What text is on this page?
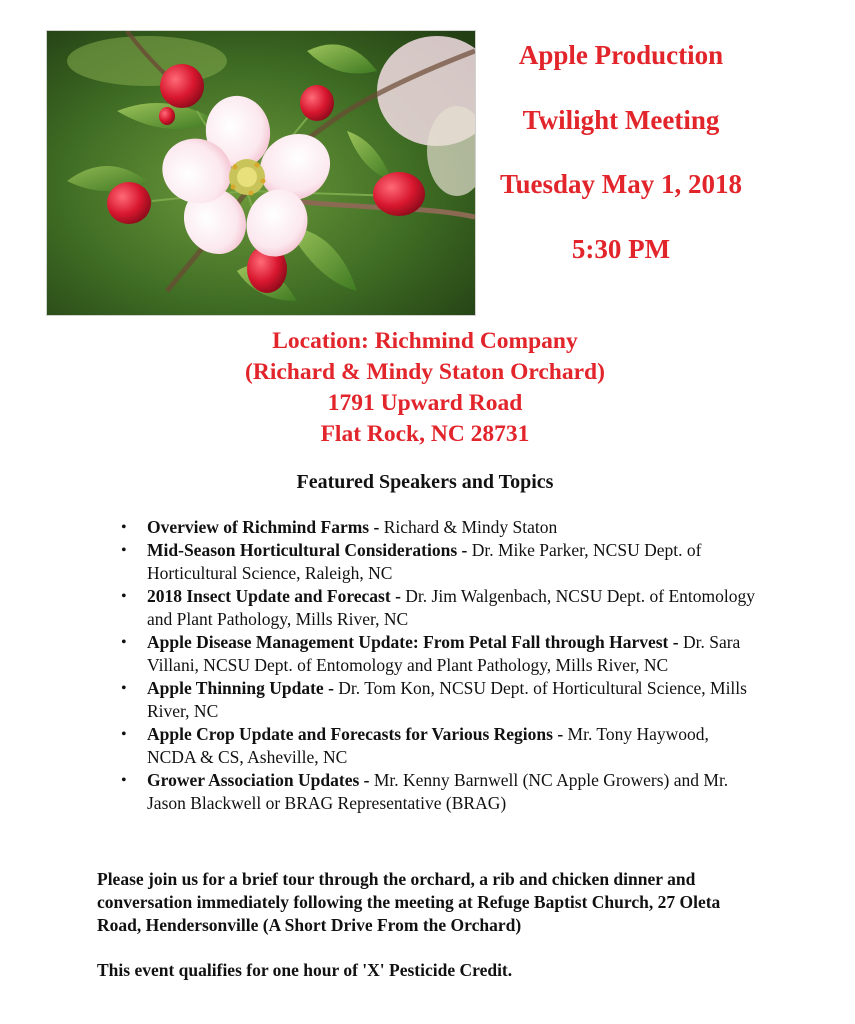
Apple Production
Twilight Meeting
Tuesday May 1, 2018
5:30 PM
Location: Richmind Company
(Richard & Mindy Staton Orchard)
1791 Upward Road
Flat Rock, NC 28731
Featured Speakers and Topics
• Overview of Richmind Farms - Richard & Mindy Staton
• Mid-Season Horticultural Considerations - Dr. Mike Parker, NCSU Dept. of Horticultural Science, Raleigh, NC
• 2018 Insect Update and Forecast - Dr. Jim Walgenbach, NCSU Dept. of Entomology and Plant Pathology, Mills River, NC
• Apple Disease Management Update: From Petal Fall through Harvest - Dr. Sara Villani, NCSU Dept. of Entomology and Plant Pathology, Mills River, NC
• Apple Thinning Update - Dr. Tom Kon, NCSU Dept. of Horticultural Science, Mills River, NC
• Apple Crop Update and Forecasts for Various Regions - Mr. Tony Haywood, NCDA & CS, Asheville, NC
• Grower Association Updates - Mr. Kenny Barnwell (NC Apple Growers) and Mr. Jason Blackwell or BRAG Representative (BRAG)
Please join us for a brief tour through the orchard, a rib and chicken dinner and conversation immediately following the meeting at Refuge Baptist Church, 27 Oleta Road, Hendersonville (A Short Drive From the Orchard)
This event qualifies for one hour of 'X' Pesticide Credit.
